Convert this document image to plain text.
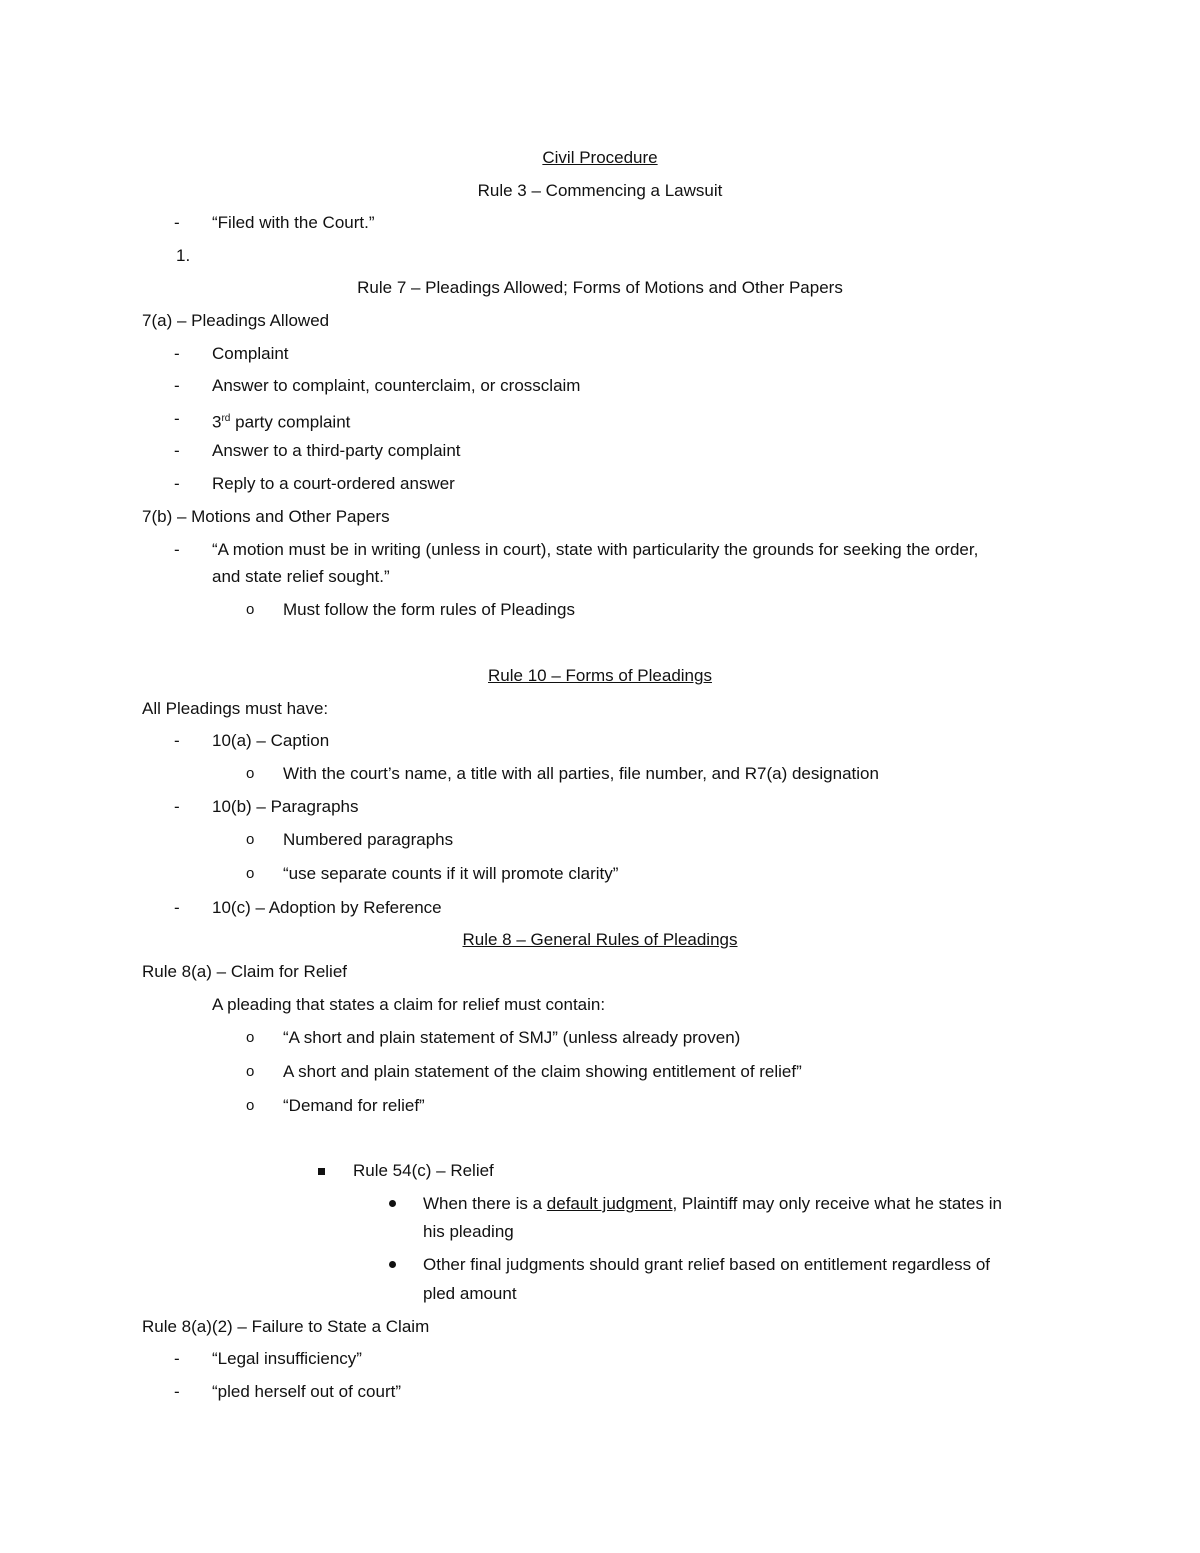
Civil Procedure
Rule 3 – Commencing a Lawsuit
- “Filed with the Court.”
1.
Rule 7 – Pleadings Allowed; Forms of Motions and Other Papers
7(a) – Pleadings Allowed
- Complaint
- Answer to complaint, counterclaim, or crossclaim
- 3rd party complaint
- Answer to a third-party complaint
- Reply to a court-ordered answer
7(b) – Motions and Other Papers
- “A motion must be in writing (unless in court), state with particularity the grounds for seeking the order,
and state relief sought.”
o Must follow the form rules of Pleadings
Rule 10 – Forms of Pleadings
All Pleadings must have:
- 10(a) – Caption
o With the court’s name, a title with all parties, file number, and R7(a) designation
- 10(b) – Paragraphs
o Numbered paragraphs
o “use separate counts if it will promote clarity”
- 10(c) – Adoption by Reference
Rule 8 – General Rules of Pleadings
Rule 8(a) – Claim for Relief
A pleading that states a claim for relief must contain:
o “A short and plain statement of SMJ” (unless already proven)
o A short and plain statement of the claim showing entitlement of relief”
o “Demand for relief”
Rule 54(c) – Relief
When there is a default judgment, Plaintiff may only receive what he states in
his pleading
Other final judgments should grant relief based on entitlement regardless of
pled amount
Rule 8(a)(2) – Failure to State a Claim
- “Legal insufficiency”
- “pled herself out of court”
